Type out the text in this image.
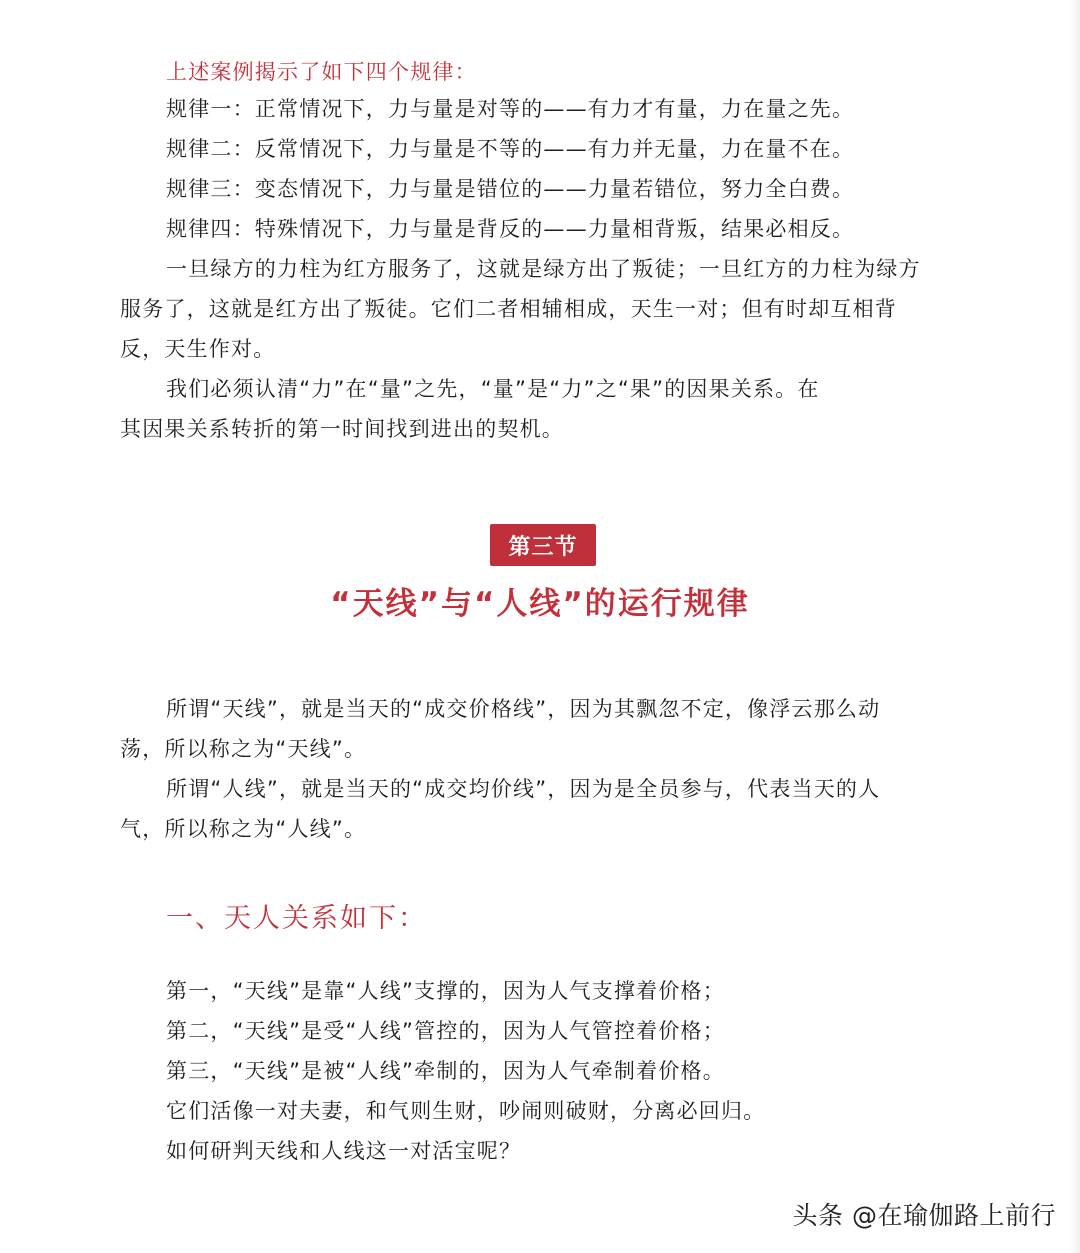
上述案例揭示了如下四个规律：
规律一：正常情况下，力与量是对等的——有力才有量，力在量之先。
规律二：反常情况下，力与量是不等的——有力并无量，力在量不在。
规律三：变态情况下，力与量是错位的——力量若错位，努力全白费。
规律四：特殊情况下，力与量是背反的——力量相背叛，结果必相反。
一旦绿方的力柱为红方服务了，这就是绿方出了叛徒；一旦红方的力柱为绿方
服务了，这就是红方出了叛徒。它们二者相辅相成，天生一对；但有时却互相背
反，天生作对。
我们必须认清“力”在“量”之先，“量”是“力”之“果”的因果关系。在
其因果关系转折的第一时间找到进出的契机。
第三节
“天线”与“人线”的运行规律
所谓“天线”，就是当天的“成交价格线”，因为其飘忽不定，像浮云那么动
荡，所以称之为“天线”。
所谓“人线”，就是当天的“成交均价线”，因为是全员参与，代表当天的人
气，所以称之为“人线”。
一、天人关系如下：
第一，“天线”是靠“人线”支撑的，因为人气支撑着价格；
第二，“天线”是受“人线”管控的，因为人气管控着价格；
第三，“天线”是被“人线”牵制的，因为人气牵制着价格。
它们活像一对夫妻，和气则生财，吵闹则破财，分离必回归。
如何研判天线和人线这一对活宝呢？
头条 @在瑜伽路上前行
